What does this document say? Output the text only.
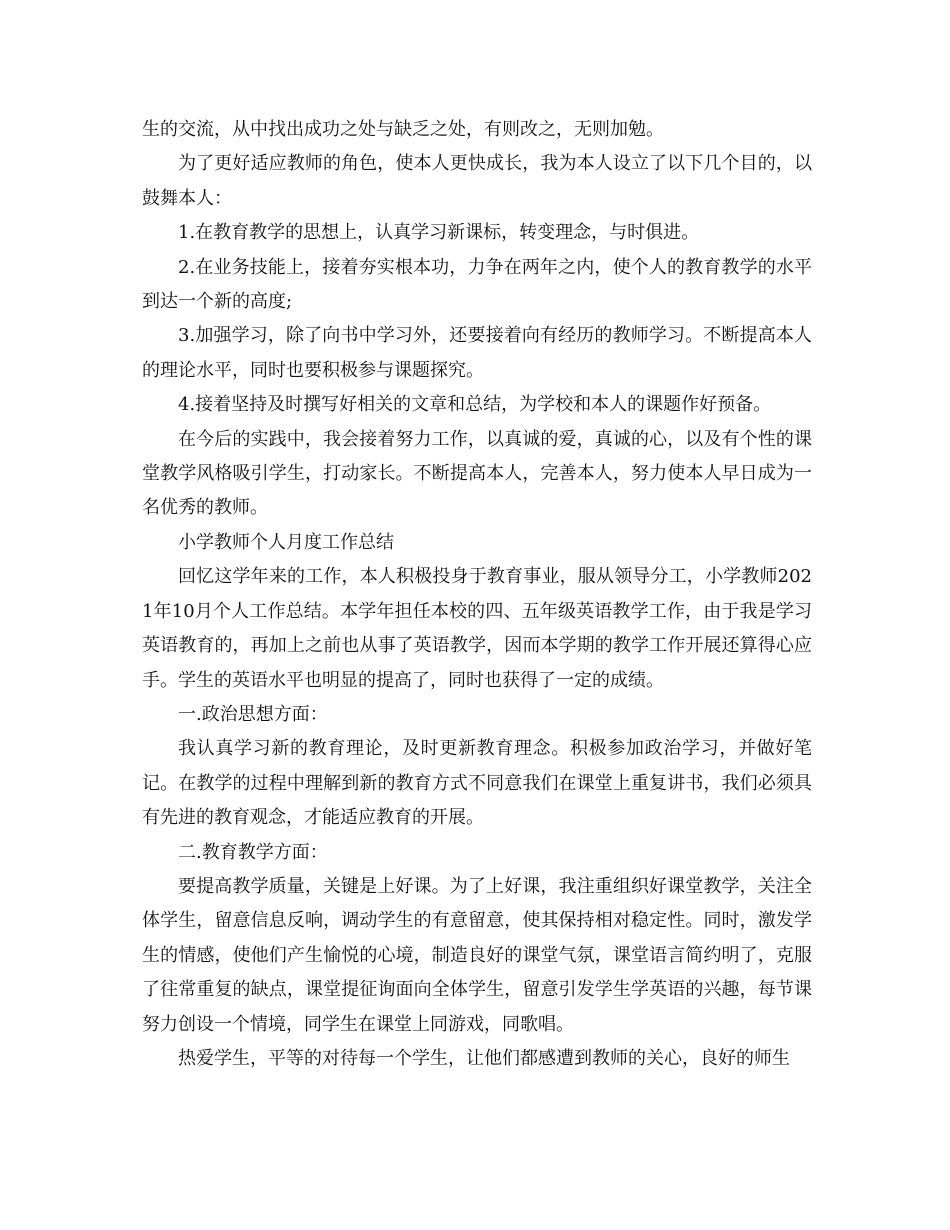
生的交流，从中找出成功之处与缺乏之处，有则改之，无则加勉。

为了更好适应教师的角色，使本人更快成长，我为本人设立了以下几个目的，以鼓舞本人：

1.在教育教学的思想上，认真学习新课标，转变理念，与时俱进。

2.在业务技能上，接着夯实根本功，力争在两年之内，使个人的教育教学的水平到达一个新的高度;

3.加强学习，除了向书中学习外，还要接着向有经历的教师学习。不断提高本人的理论水平，同时也要积极参与课题探究。

4.接着坚持及时撰写好相关的文章和总结，为学校和本人的课题作好预备。

在今后的实践中，我会接着努力工作，以真诚的爱，真诚的心，以及有个性的课堂教学风格吸引学生，打动家长。不断提高本人，完善本人，努力使本人早日成为一名优秀的教师。

小学教师个人月度工作总结

回忆这学年来的工作，本人积极投身于教育事业，服从领导分工，小学教师2021年10月个人工作总结。本学年担任本校的四、五年级英语教学工作，由于我是学习英语教育的，再加上之前也从事了英语教学，因而本学期的教学工作开展还算得心应手。学生的英语水平也明显的提高了，同时也获得了一定的成绩。

一.政治思想方面：

我认真学习新的教育理论，及时更新教育理念。积极参加政治学习，并做好笔记。在教学的过程中理解到新的教育方式不同意我们在课堂上重复讲书，我们必须具有先进的教育观念，才能适应教育的开展。

二.教育教学方面：

要提高教学质量，关键是上好课。为了上好课，我注重组织好课堂教学，关注全体学生，留意信息反响，调动学生的有意留意，使其保持相对稳定性。同时，激发学生的情感，使他们产生愉悦的心境，制造良好的课堂气氛，课堂语言简约明了，克服了往常重复的缺点，课堂提征询面向全体学生，留意引发学生学英语的兴趣，每节课努力创设一个情境，同学生在课堂上同游戏，同歌唱。

热爱学生，平等的对待每一个学生，让他们都感遭到教师的关心，良好的师生
